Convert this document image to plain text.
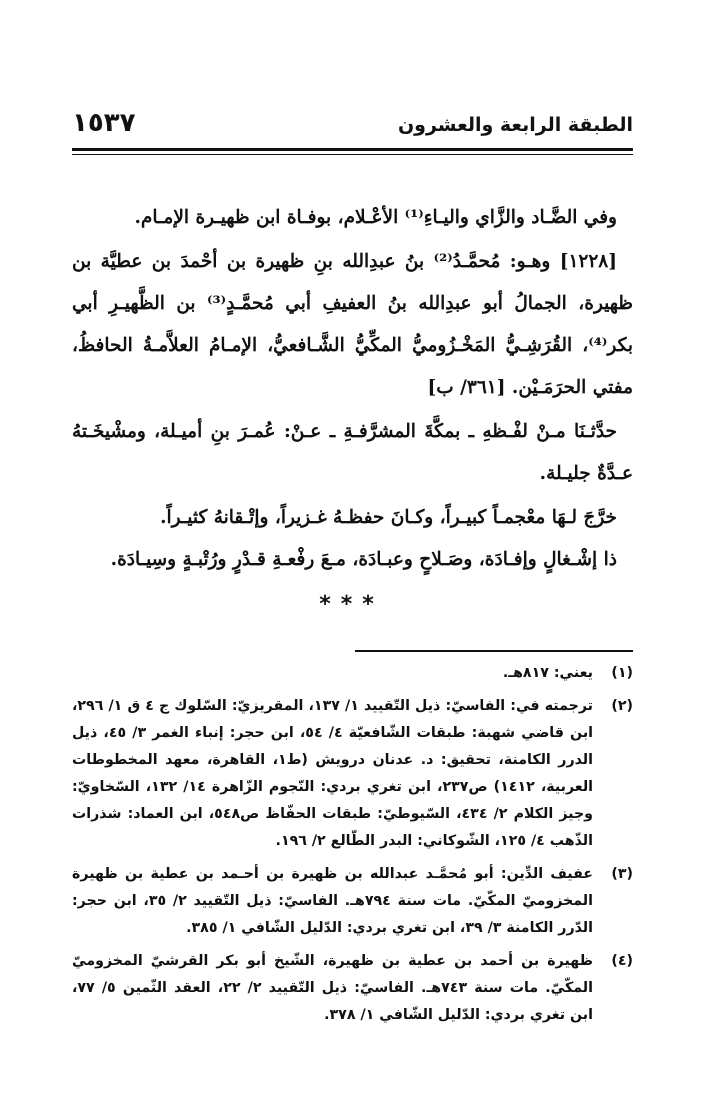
الطبقة الرابعة والعشرون
١٥٣٧

وفي الضَّـاد والزَّاي واليـاءِ⁽¹⁾ الأعْـلام، بوفـاة ابن ظهيـرة الإمـام.

[١٢٢٨] وهـو: مُحمَّـدُ⁽²⁾ بنُ عبدِالله بنِ ظهيرة بن أحْمدَ بن عطيَّة بن ظهيرة، الجمالُ أبو عبدِالله بنُ العفيفِ أبي مُحمَّـدٍ⁽³⁾ بن الظَّهيـرِ أبي بكر⁽⁴⁾، القُرَشِـيُّ المَخْـزُوميُّ المكِّيُّ الشَّـافعيُّ، الإمـامُ العلاَّمـةُ الحافظُ، مفتي الحرَمَـيْن. [٣٦١/ ب]

حدَّثـنَا مـنْ لفْـظهِ ـ بمكَّةَ المشرَّفـةِ ـ عـنْ: عُمـرَ بنِ أميـلة، ومشْيخَـتهُ عـدَّةٌ جليـلة.

خرَّجَ لـهَا معْجمـاً كبيـراً، وكـانَ حفظـهُ غـزيراً، وإتْـقانهُ كثيـراً.

ذا إشْـغالٍ وإفـادَة، وصَـلاحٍ وعبـادَة، مـعَ رفْعـةِ قـدْرٍ ورُتْبـةٍ وسِيـادَة.

***
(١)
يعني: ٨١٧هـ.
(٢)
ترجمته في: الفاسيّ: ذيل التّقييد ١/ ١٣٧، المقريزيّ: السّلوك ج ٤ ق ١/ ٢٩٦، ابن قاضي شهبة: طبقات الشّافعيّة ٤/ ٥٤، ابن حجر: إنباء الغمر ٣/ ٤٥، ذيل الدرر الكامنة، تحقيق: د. عدنان درويش (ط١، القاهرة، معهد المخطوطات العربية، ١٤١٢) ص٢٣٧، ابن تغري بردي: النّجوم الزّاهرة ١٤/ ١٣٢، السّخاويّ: وجيز الكلام ٢/ ٤٣٤، السّيوطيّ: طبقات الحفّاظ ص٥٤٨، ابن العماد: شذرات الذّهب ٤/ ١٢٥، الشّوكاني: البدر الطّالع ٢/ ١٩٦.
(٣)
عفيف الدِّين: أبو مُحمَّـد عبدالله بن ظهيرة بن أحـمد بن عطية بن ظهيرة المخزوميّ المكّيّ. مات سنة ٧٩٤هـ. الفاسيّ: ذيل التّقييد ٢/ ٣٥، ابن حجر: الدّرر الكامنة ٣/ ٣٩، ابن تغري بردي: الدّليل الشّافي ١/ ٣٨٥.
(٤)
ظهيرة بن أحمد بن عطية بن ظهيرة، الشّيخ أبو بكر القرشيّ المخزوميّ المكّيّ. مات سنة ٧٤٣هـ. الفاسيّ: ذيل التّقييد ٢/ ٢٢، العقد الثّمين ٥/ ٧٧، ابن تغري بردي: الدّليل الشّافي ١/ ٣٧٨.
